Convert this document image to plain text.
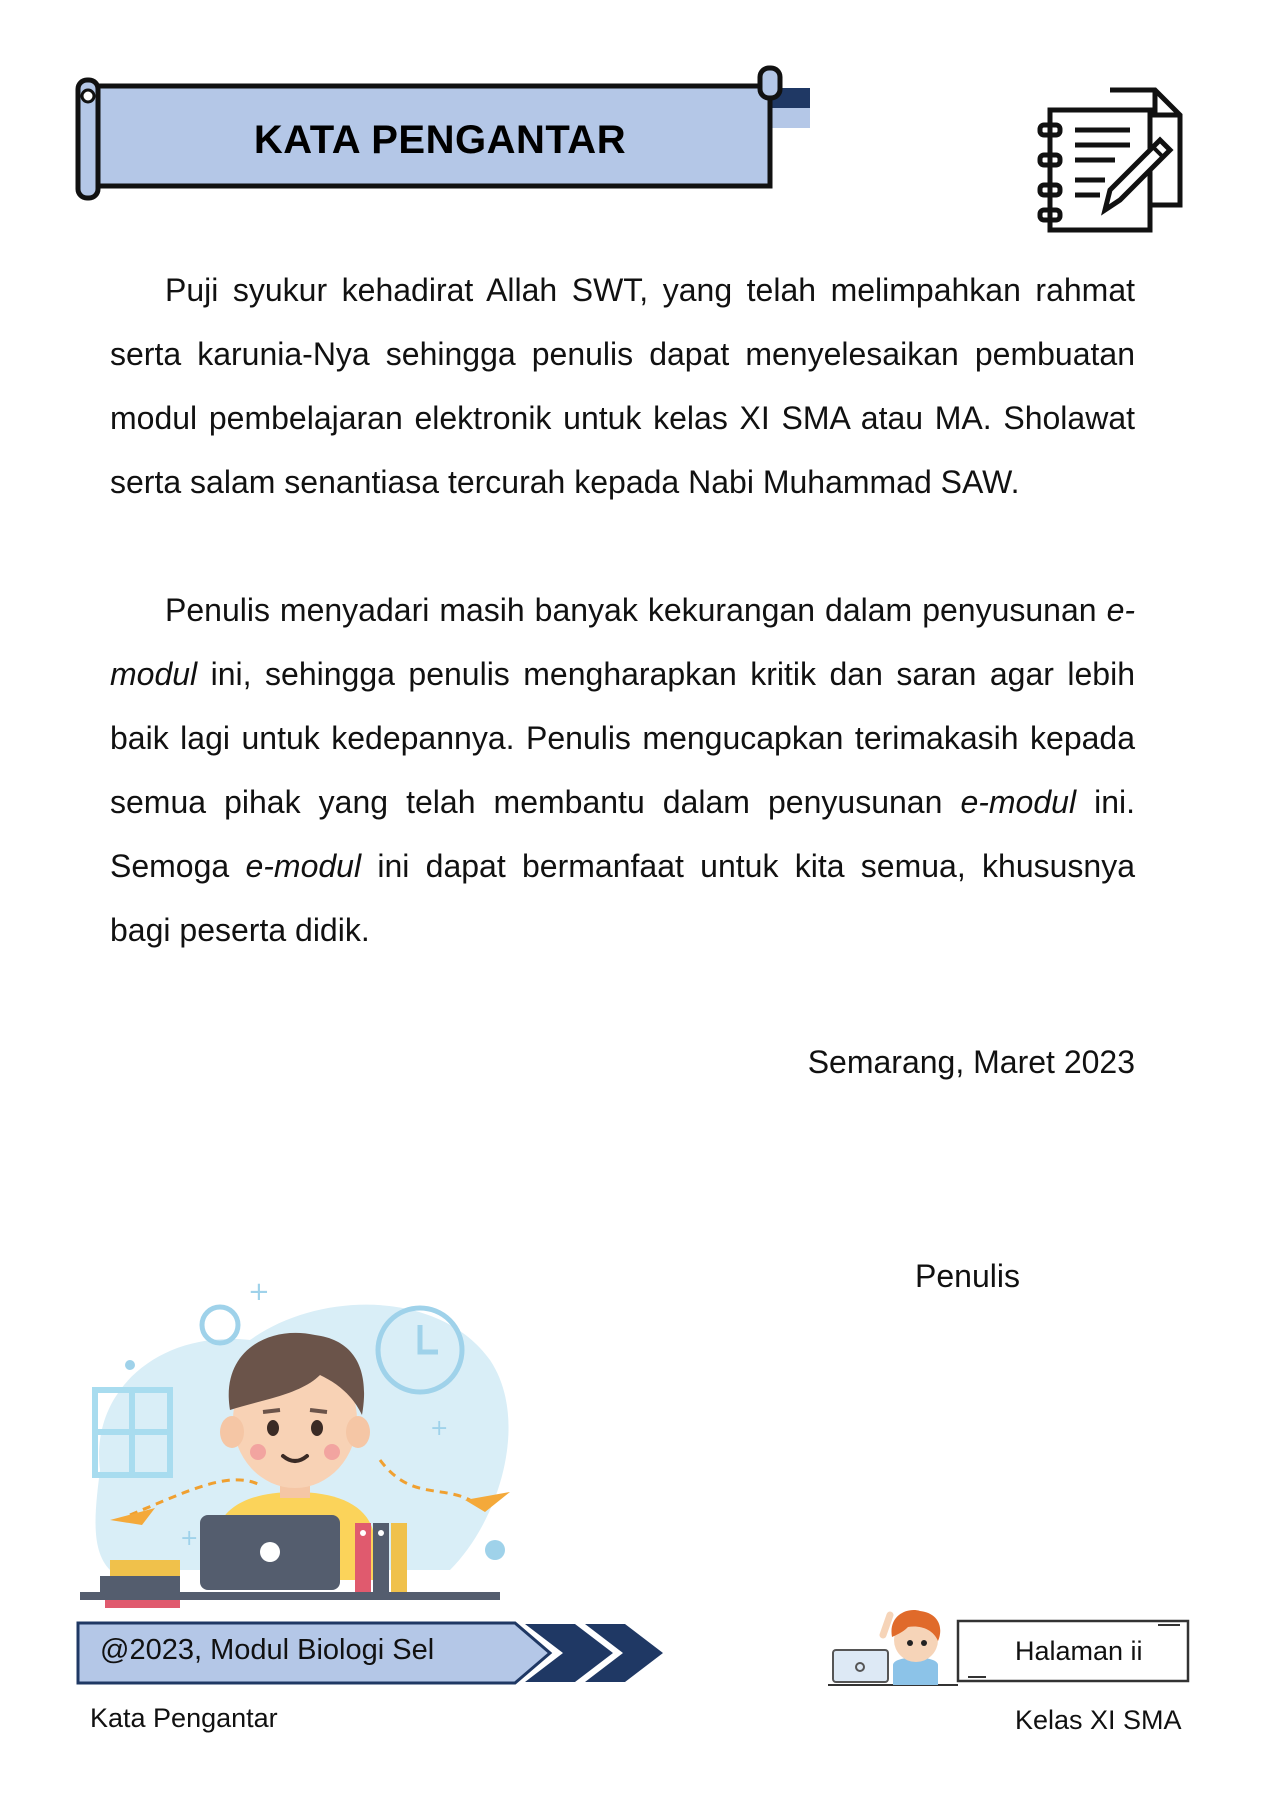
KATA PENGANTAR
Puji syukur kehadirat Allah SWT, yang telah melimpahkan rahmat serta karunia-Nya sehingga penulis dapat menyelesaikan pembuatan modul pembelajaran elektronik untuk kelas XI SMA atau MA. Sholawat serta salam senantiasa tercurah kepada Nabi Muhammad SAW.
Penulis menyadari masih banyak kekurangan dalam penyusunan e-modul ini, sehingga penulis mengharapkan kritik dan saran agar lebih baik lagi untuk kedepannya. Penulis mengucapkan terimakasih kepada semua pihak yang telah membantu dalam penyusunan e-modul ini. Semoga e-modul ini dapat bermanfaat untuk kita semua, khususnya bagi peserta didik.
Semarang, Maret 2023
Penulis
+
+
+
@2023, Modul Biologi Sel
Kata Pengantar
Halaman ii
Kelas XI SMA
